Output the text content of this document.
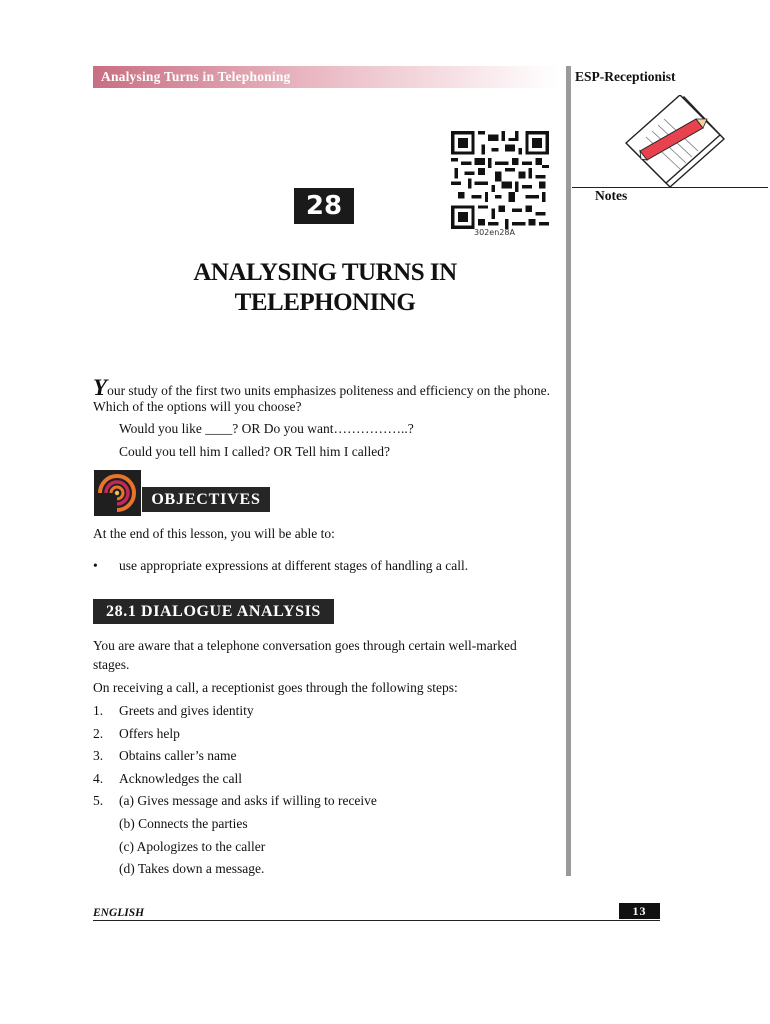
Analysing Turns in Telephoning	ESP-Receptionist
Notes
28
302en28A
ANALYSING TURNS IN
TELEPHONING
Your study of the first two units emphasizes politeness and efficiency on the phone.
Which of the options will you choose?
Would you like ____? OR Do you want……………..?
Could you tell him I called? OR Tell him I called?
OBJECTIVES
At the end of this lesson, you will be able to:
• use appropriate expressions at different stages of handling a call.
28.1 DIALOGUE ANALYSIS
You are aware that a telephone conversation goes through certain well-marked
stages.
On receiving a call, a receptionist goes through the following steps:
1. Greets and gives identity
2. Offers help
3. Obtains caller’s name
4. Acknowledges the call
5. (a) Gives message and asks if willing to receive
(b) Connects the parties
(c) Apologizes to the caller
(d) Takes down a message.
ENGLISH	13
